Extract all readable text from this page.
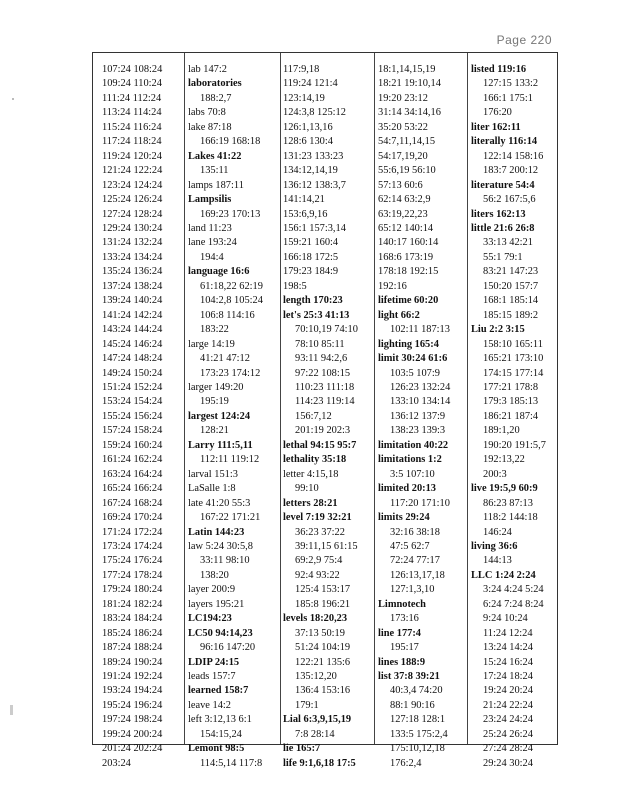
Page 220
107:24 108:24
109:24 110:24
111:24 112:24
113:24 114:24
115:24 116:24
117:24 118:24
119:24 120:24
121:24 122:24
123:24 124:24
125:24 126:24
127:24 128:24
129:24 130:24
131:24 132:24
133:24 134:24
135:24 136:24
137:24 138:24
139:24 140:24
141:24 142:24
143:24 144:24
145:24 146:24
147:24 148:24
149:24 150:24
151:24 152:24
153:24 154:24
155:24 156:24
157:24 158:24
159:24 160:24
161:24 162:24
163:24 164:24
165:24 166:24
167:24 168:24
169:24 170:24
171:24 172:24
173:24 174:24
175:24 176:24
177:24 178:24
179:24 180:24
181:24 182:24
183:24 184:24
185:24 186:24
187:24 188:24
189:24 190:24
191:24 192:24
193:24 194:24
195:24 196:24
197:24 198:24
199:24 200:24
201:24 202:24
203:24
lab 147:2
laboratories
188:2,7
labs 70:8
lake 87:18
166:19 168:18
Lakes 41:22
135:11
lamps 187:11
Lampsilis
169:23 170:13
land 11:23
lane 193:24
194:4
language 16:6
61:18,22 62:19
104:2,8 105:24
106:8 114:16
183:22
large 14:19
41:21 47:12
173:23 174:12
larger 149:20
195:19
largest 124:24
128:21
Larry 111:5,11
112:11 119:12
larval 151:3
LaSalle 1:8
late 41:20 55:3
167:22 171:21
Latin 144:23
law 5:24 30:5,8
33:11 98:10
138:20
layer 200:9
layers 195:21
LC194:23
LC50 94:14,23
96:16 147:20
LDIP 24:15
leads 157:7
learned 158:7
leave 14:2
left 3:12,13 6:1
154:15,24
Lemont 98:5
114:5,14 117:8
117:9,18
119:24 121:4
123:14,19
124:3,8 125:12
126:1,13,16
128:6 130:4
131:23 133:23
134:12,14,19
136:12 138:3,7
141:14,21
153:6,9,16
156:1 157:3,14
159:21 160:4
166:18 172:5
179:23 184:9
198:5
length 170:23
let's 25:3 41:13
70:10,19 74:10
78:10 85:11
93:11 94:2,6
97:22 108:15
110:23 111:18
114:23 119:14
156:7,12
201:19 202:3
lethal 94:15 95:7
lethality 35:18
letter 4:15,18
99:10
letters 28:21
level 7:19 32:21
36:23 37:22
39:11,15 61:15
69:2,9 75:4
92:4 93:22
125:4 153:17
185:8 196:21
levels 18:20,23
37:13 50:19
51:24 104:19
122:21 135:6
135:12,20
136:4 153:16
179:1
Lial 6:3,9,15,19
7:8 28:14
lie 165:7
life 9:1,6,18 17:5
18:1,14,15,19
18:21 19:10,14
19:20 23:12
31:14 34:14,16
35:20 53:22
54:7,11,14,15
54:17,19,20
55:6,19 56:10
57:13 60:6
62:14 63:2,9
63:19,22,23
65:12 140:14
140:17 160:14
168:6 173:19
178:18 192:15
192:16
lifetime 60:20
light 66:2
102:11 187:13
lighting 165:4
limit 30:24 61:6
103:5 107:9
126:23 132:24
133:10 134:14
136:12 137:9
138:23 139:3
limitation 40:22
limitations 1:2
3:5 107:10
limited 20:13
117:20 171:10
limits 29:24
32:16 38:18
47:5 62:7
72:24 77:17
126:13,17,18
127:1,3,10
Limnotech
173:16
line 177:4
195:17
lines 188:9
list 37:8 39:21
40:3,4 74:20
88:1 90:16
127:18 128:1
133:5 175:2,4
175:10,12,18
176:2,4
listed 119:16
127:15 133:2
166:1 175:1
176:20
liter 162:11
literally 116:14
122:14 158:16
183:7 200:12
literature 54:4
56:2 167:5,6
liters 162:13
little 21:6 26:8
33:13 42:21
55:1 79:1
83:21 147:23
150:20 157:7
168:1 185:14
185:15 189:2
Liu 2:2 3:15
158:10 165:11
165:21 173:10
174:15 177:14
177:21 178:8
179:3 185:13
186:21 187:4
189:1,20
190:20 191:5,7
192:13,22
200:3
live 19:5,9 60:9
86:23 87:13
118:2 144:18
146:24
living 36:6
144:13
LLC 1:24 2:24
3:24 4:24 5:24
6:24 7:24 8:24
9:24 10:24
11:24 12:24
13:24 14:24
15:24 16:24
17:24 18:24
19:24 20:24
21:24 22:24
23:24 24:24
25:24 26:24
27:24 28:24
29:24 30:24
